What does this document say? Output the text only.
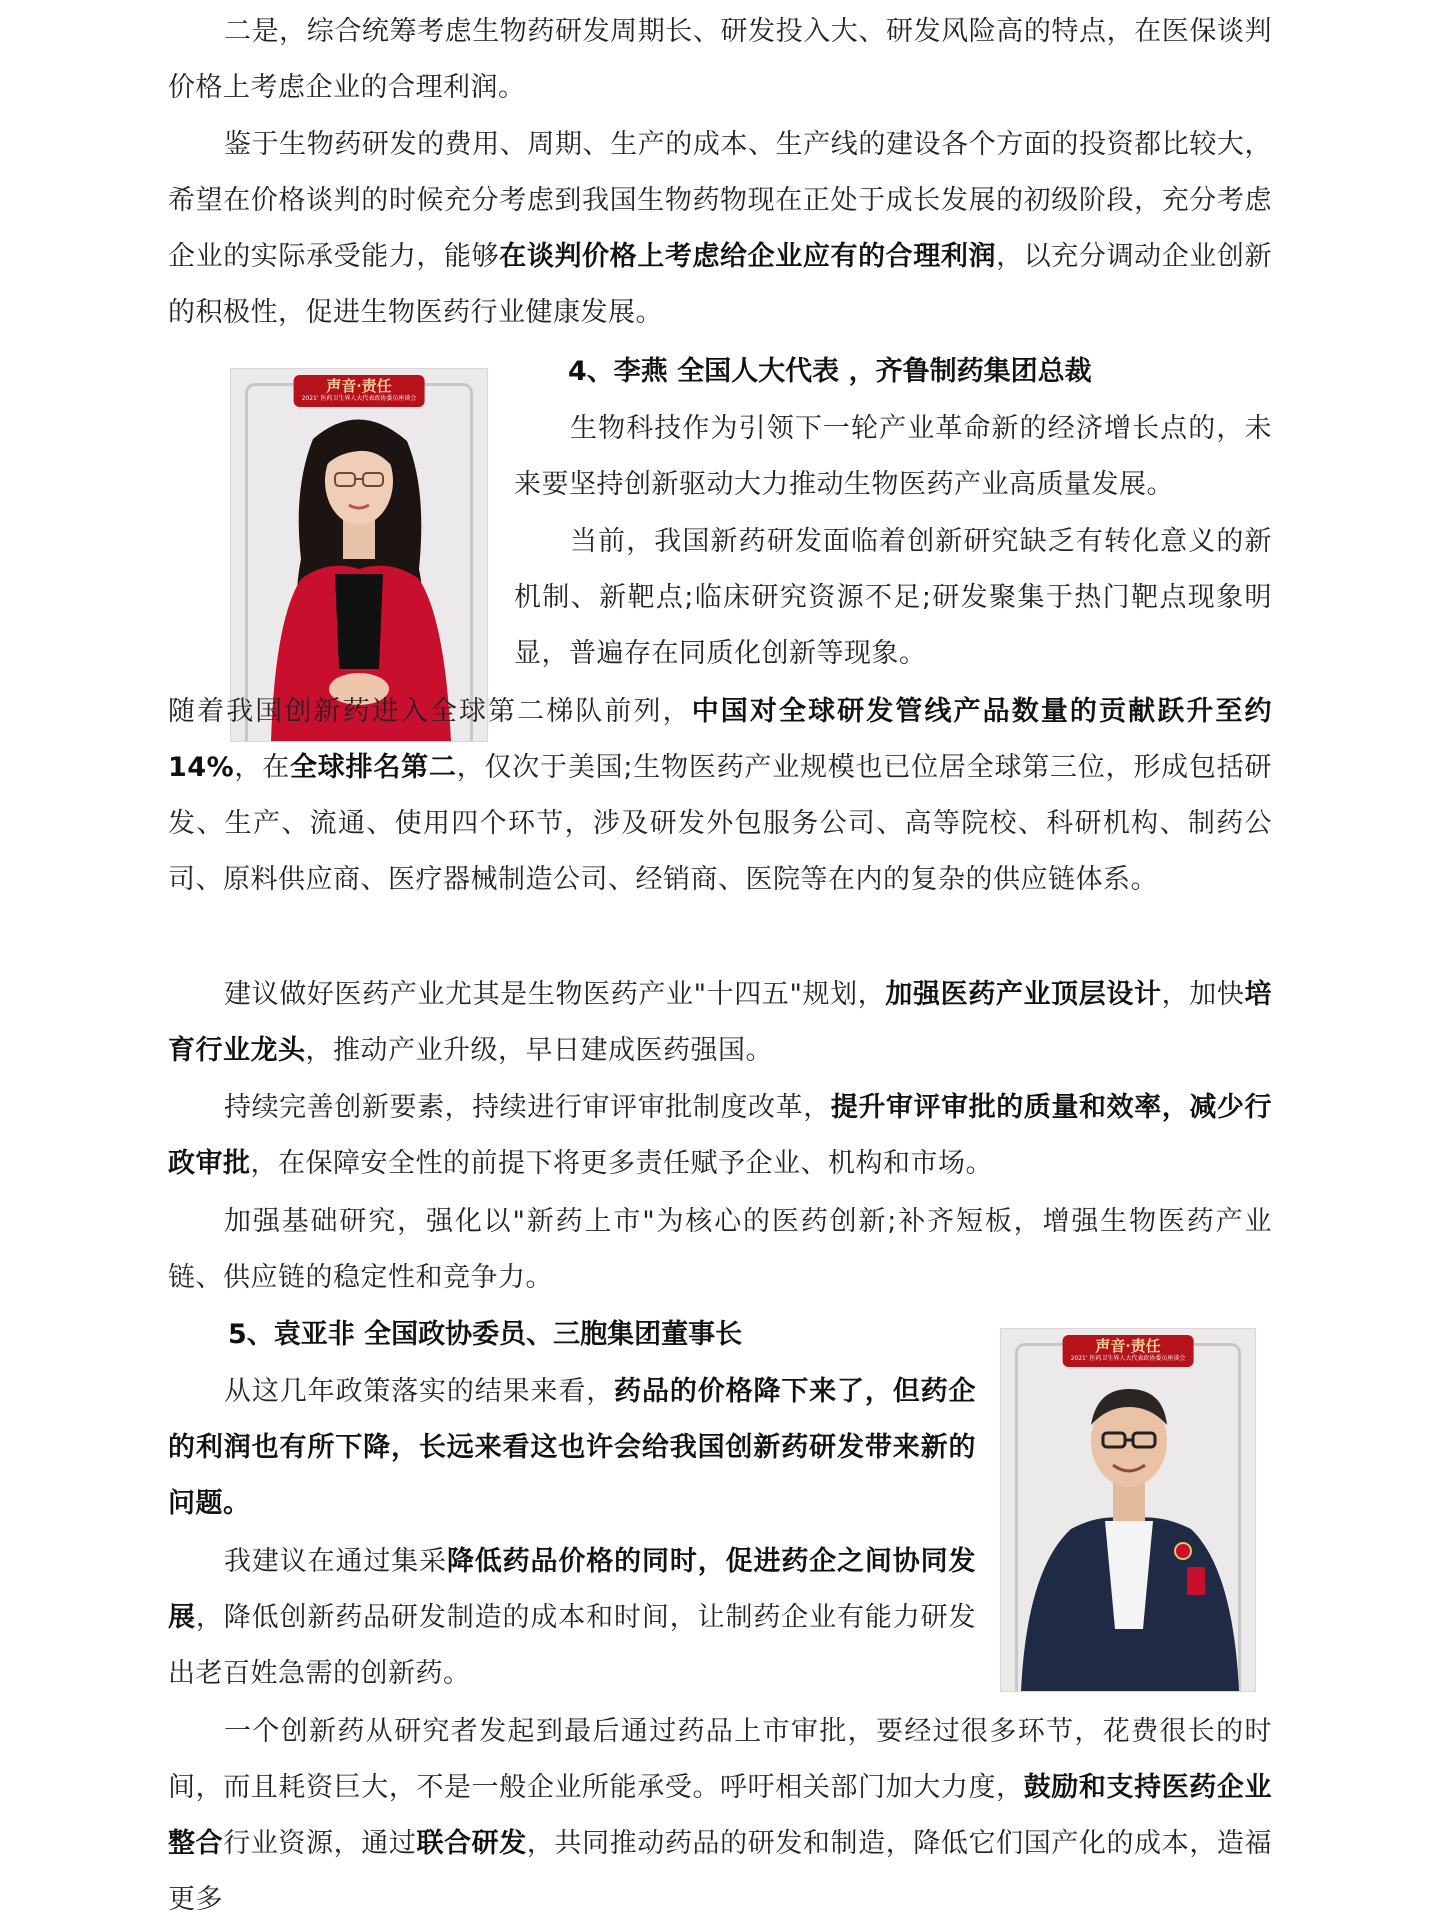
二是，综合统筹考虑生物药研发周期长、研发投入大、研发风险高的特点，在医保谈判价格上考虑企业的合理利润。

鉴于生物药研发的费用、周期、生产的成本、生产线的建设各个方面的投资都比较大，希望在价格谈判的时候充分考虑到我国生物药物现在正处于成长发展的初级阶段，充分考虑企业的实际承受能力，能够在谈判价格上考虑给企业应有的合理利润，以充分调动企业创新的积极性，促进生物医药行业健康发展。

声音·责任
2021' 医药卫生界人大代表政协委员座谈会

4、李燕 全国人大代表 ，齐鲁制药集团总裁

生物科技作为引领下一轮产业革命新的经济增长点的，未来要坚持创新驱动大力推动生物医药产业高质量发展。

当前，我国新药研发面临着创新研究缺乏有转化意义的新机制、新靶点;临床研究资源不足;研发聚集于热门靶点现象明显，普遍存在同质化创新等现象。

随着我国创新药进入全球第二梯队前列，中国对全球研发管线产品数量的贡献跃升至约14%，在全球排名第二，仅次于美国;生物医药产业规模也已位居全球第三位，形成包括研发、生产、流通、使用四个环节，涉及研发外包服务公司、高等院校、科研机构、制药公司、原料供应商、医疗器械制造公司、经销商、医院等在内的复杂的供应链体系。

建议做好医药产业尤其是生物医药产业"十四五"规划，加强医药产业顶层设计，加快培育行业龙头，推动产业升级，早日建成医药强国。

持续完善创新要素，持续进行审评审批制度改革，提升审评审批的质量和效率，减少行政审批，在保障安全性的前提下将更多责任赋予企业、机构和市场。

加强基础研究，强化以"新药上市"为核心的医药创新;补齐短板，增强生物医药产业链、供应链的稳定性和竞争力。

5、袁亚非 全国政协委员、三胞集团董事长

从这几年政策落实的结果来看，药品的价格降下来了，但药企的利润也有所下降，长远来看这也许会给我国创新药研发带来新的问题。

我建议在通过集采降低药品价格的同时，促进药企之间协同发展，降低创新药品研发制造的成本和时间，让制药企业有能力研发出老百姓急需的创新药。

声音·责任
2021' 医药卫生界人大代表政协委员座谈会

一个创新药从研究者发起到最后通过药品上市审批，要经过很多环节，花费很长的时间，而且耗资巨大，不是一般企业所能承受。呼吁相关部门加大力度，鼓励和支持医药企业整合行业资源，通过联合研发，共同推动药品的研发和制造，降低它们国产化的成本，造福更多
